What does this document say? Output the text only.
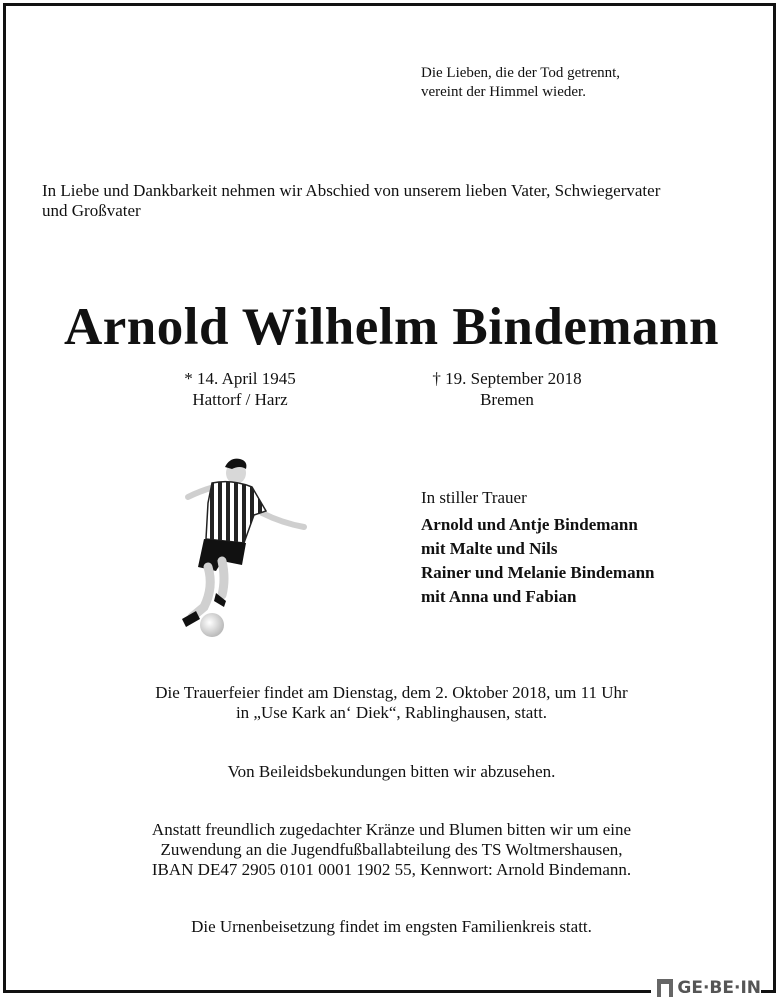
Die Lieben, die der Tod getrennt,
vereint der Himmel wieder.
In Liebe und Dankbarkeit nehmen wir Abschied von unserem lieben Vater, Schwiegervater
und Großvater
Arnold Wilhelm Bindemann
* 14. April 1945
Hattorf / Harz
† 19. September 2018
Bremen
In stiller Trauer
Arnold und Antje Bindemann
mit Malte und Nils
Rainer und Melanie Bindemann
mit Anna und Fabian
Die Trauerfeier findet am Dienstag, dem 2. Oktober 2018, um 11 Uhr
in „Use Kark an‘ Diek“, Rablinghausen, statt.
Von Beileidsbekundungen bitten wir abzusehen.
Anstatt freundlich zugedachter Kränze und Blumen bitten wir um eine
Zuwendung an die Jugendfußballabteilung des TS Woltmershausen,
IBAN DE47 2905 0101 0001 1902 55, Kennwort: Arnold Bindemann.
Die Urnenbeisetzung findet im engsten Familienkreis statt.
GE·BE·IN
